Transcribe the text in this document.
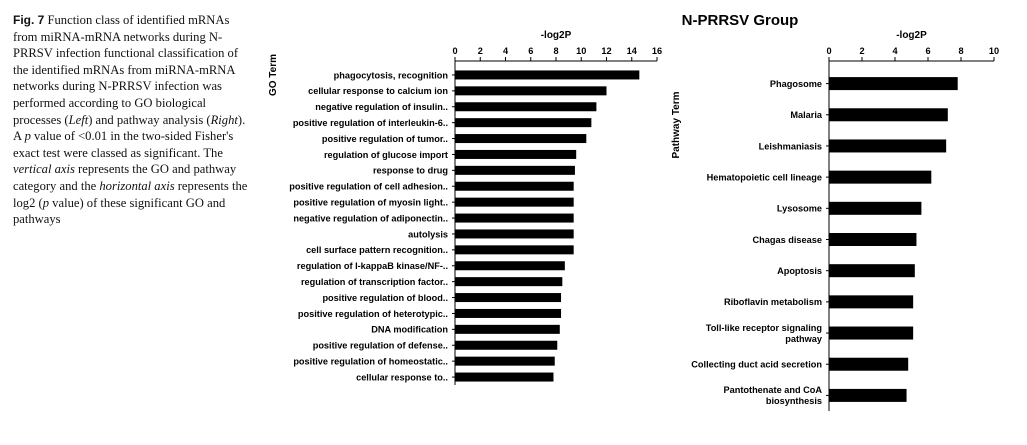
Fig. 7 Function class of identified mRNAs from miRNA-mRNA networks during N-PRRSV infection functional classification of the identified mRNAs from miRNA-mRNA networks during N-PRRSV infection was performed according to GO biological processes (Left) and pathway analysis (Right). A p value of <0.01 in the two-sided Fisher's exact test were classed as significant. The vertical axis represents the GO and pathway category and the horizontal axis represents the log2 (p value) of these significant GO and pathways
N-PRRSV Group
-log2P
0 2 4 6 8 10 12 14 16
GO Term	phagocytosis, recognition
cellular response to calcium ion
negative regulation of insulin..
positive regulation of interleukin-6..
positive regulation of tumor..
regulation of glucose import
response to drug
positive regulation of cell adhesion..
positive regulation of myosin light..
negative regulation of adiponectin..
autolysis
cell surface pattern recognition..
regulation of I-kappaB kinase/NF-..
regulation of transcription factor..
positive regulation of blood..
positive regulation of heterotypic..
DNA modification
positive regulation of defense..
positive regulation of homeostatic..
cellular response to..
-log2P
0	2	4	6	8	10
Pathway Term
Phagosome
Malaria
Leishmaniasis
Hematopoietic cell lineage
Lysosome
Chagas disease
Apoptosis
Riboflavin metabolism
Toll-like receptor signaling
pathway
Collecting duct acid secretion
Pantothenate and CoA
biosynthesis
